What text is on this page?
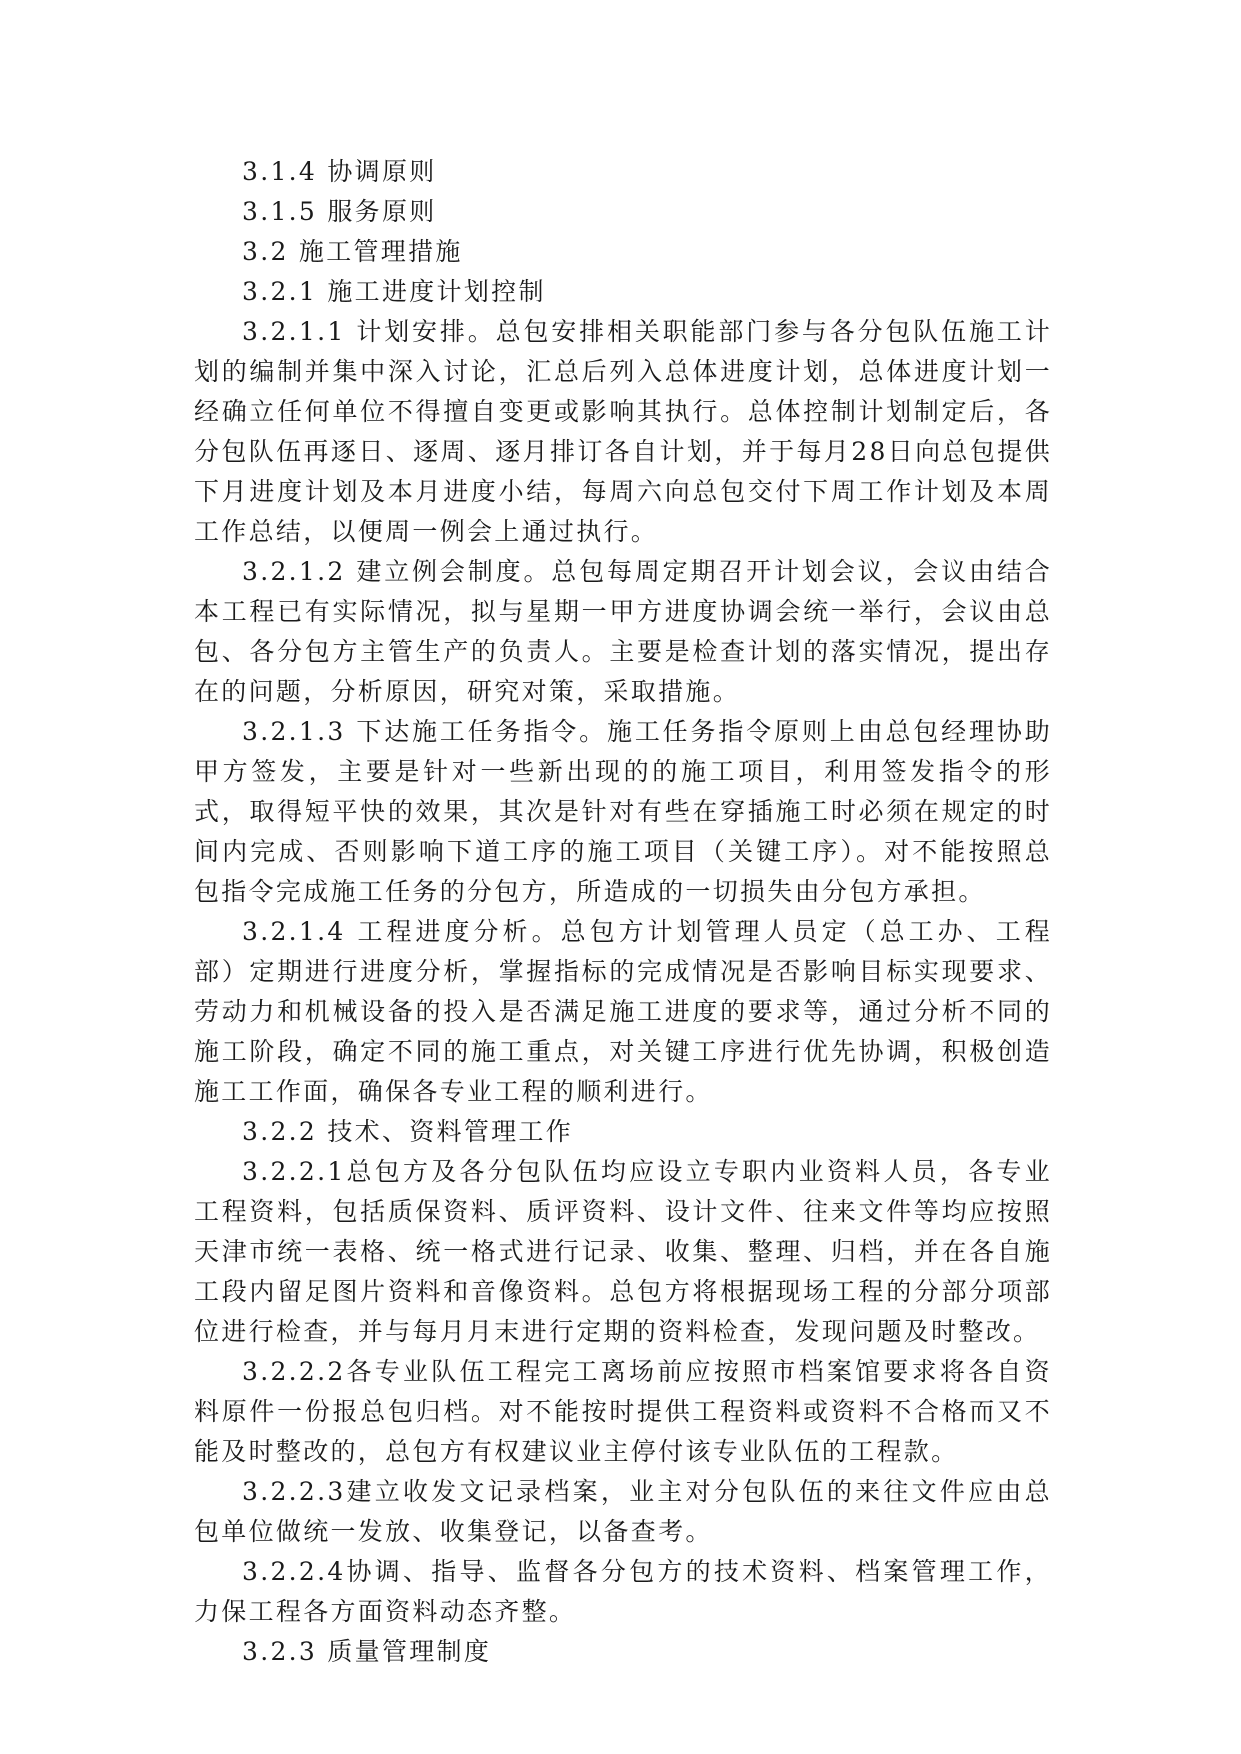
3.1.4 协调原则

3.1.5 服务原则

3.2 施工管理措施

3.2.1 施工进度计划控制

3.2.1.1 计划安排。总包安排相关职能部门参与各分包队伍施工计划的编制并集中深入讨论，汇总后列入总体进度计划，总体进度计划一经确立任何单位不得擅自变更或影响其执行。总体控制计划制定后，各分包队伍再逐日、逐周、逐月排订各自计划，并于每月28日向总包提供下月进度计划及本月进度小结，每周六向总包交付下周工作计划及本周工作总结，以便周一例会上通过执行。

3.2.1.2 建立例会制度。总包每周定期召开计划会议，会议由结合本工程已有实际情况，拟与星期一甲方进度协调会统一举行，会议由总包、各分包方主管生产的负责人。主要是检查计划的落实情况，提出存在的问题，分析原因，研究对策，采取措施。

3.2.1.3 下达施工任务指令。施工任务指令原则上由总包经理协助甲方签发，主要是针对一些新出现的的施工项目，利用签发指令的形式，取得短平快的效果，其次是针对有些在穿插施工时必须在规定的时间内完成、否则影响下道工序的施工项目（关键工序）。对不能按照总包指令完成施工任务的分包方，所造成的一切损失由分包方承担。

3.2.1.4 工程进度分析。总包方计划管理人员定（总工办、工程部）定期进行进度分析，掌握指标的完成情况是否影响目标实现要求、劳动力和机械设备的投入是否满足施工进度的要求等，通过分析不同的施工阶段，确定不同的施工重点，对关键工序进行优先协调，积极创造施工工作面，确保各专业工程的顺利进行。

3.2.2 技术、资料管理工作

3.2.2.1总包方及各分包队伍均应设立专职内业资料人员，各专业工程资料，包括质保资料、质评资料、设计文件、往来文件等均应按照天津市统一表格、统一格式进行记录、收集、整理、归档，并在各自施工段内留足图片资料和音像资料。总包方将根据现场工程的分部分项部位进行检查，并与每月月末进行定期的资料检查，发现问题及时整改。

3.2.2.2各专业队伍工程完工离场前应按照市档案馆要求将各自资料原件一份报总包归档。对不能按时提供工程资料或资料不合格而又不能及时整改的，总包方有权建议业主停付该专业队伍的工程款。

3.2.2.3建立收发文记录档案，业主对分包队伍的来往文件应由总包单位做统一发放、收集登记，以备查考。

3.2.2.4协调、指导、监督各分包方的技术资料、档案管理工作，力保工程各方面资料动态齐整。

3.2.3 质量管理制度
